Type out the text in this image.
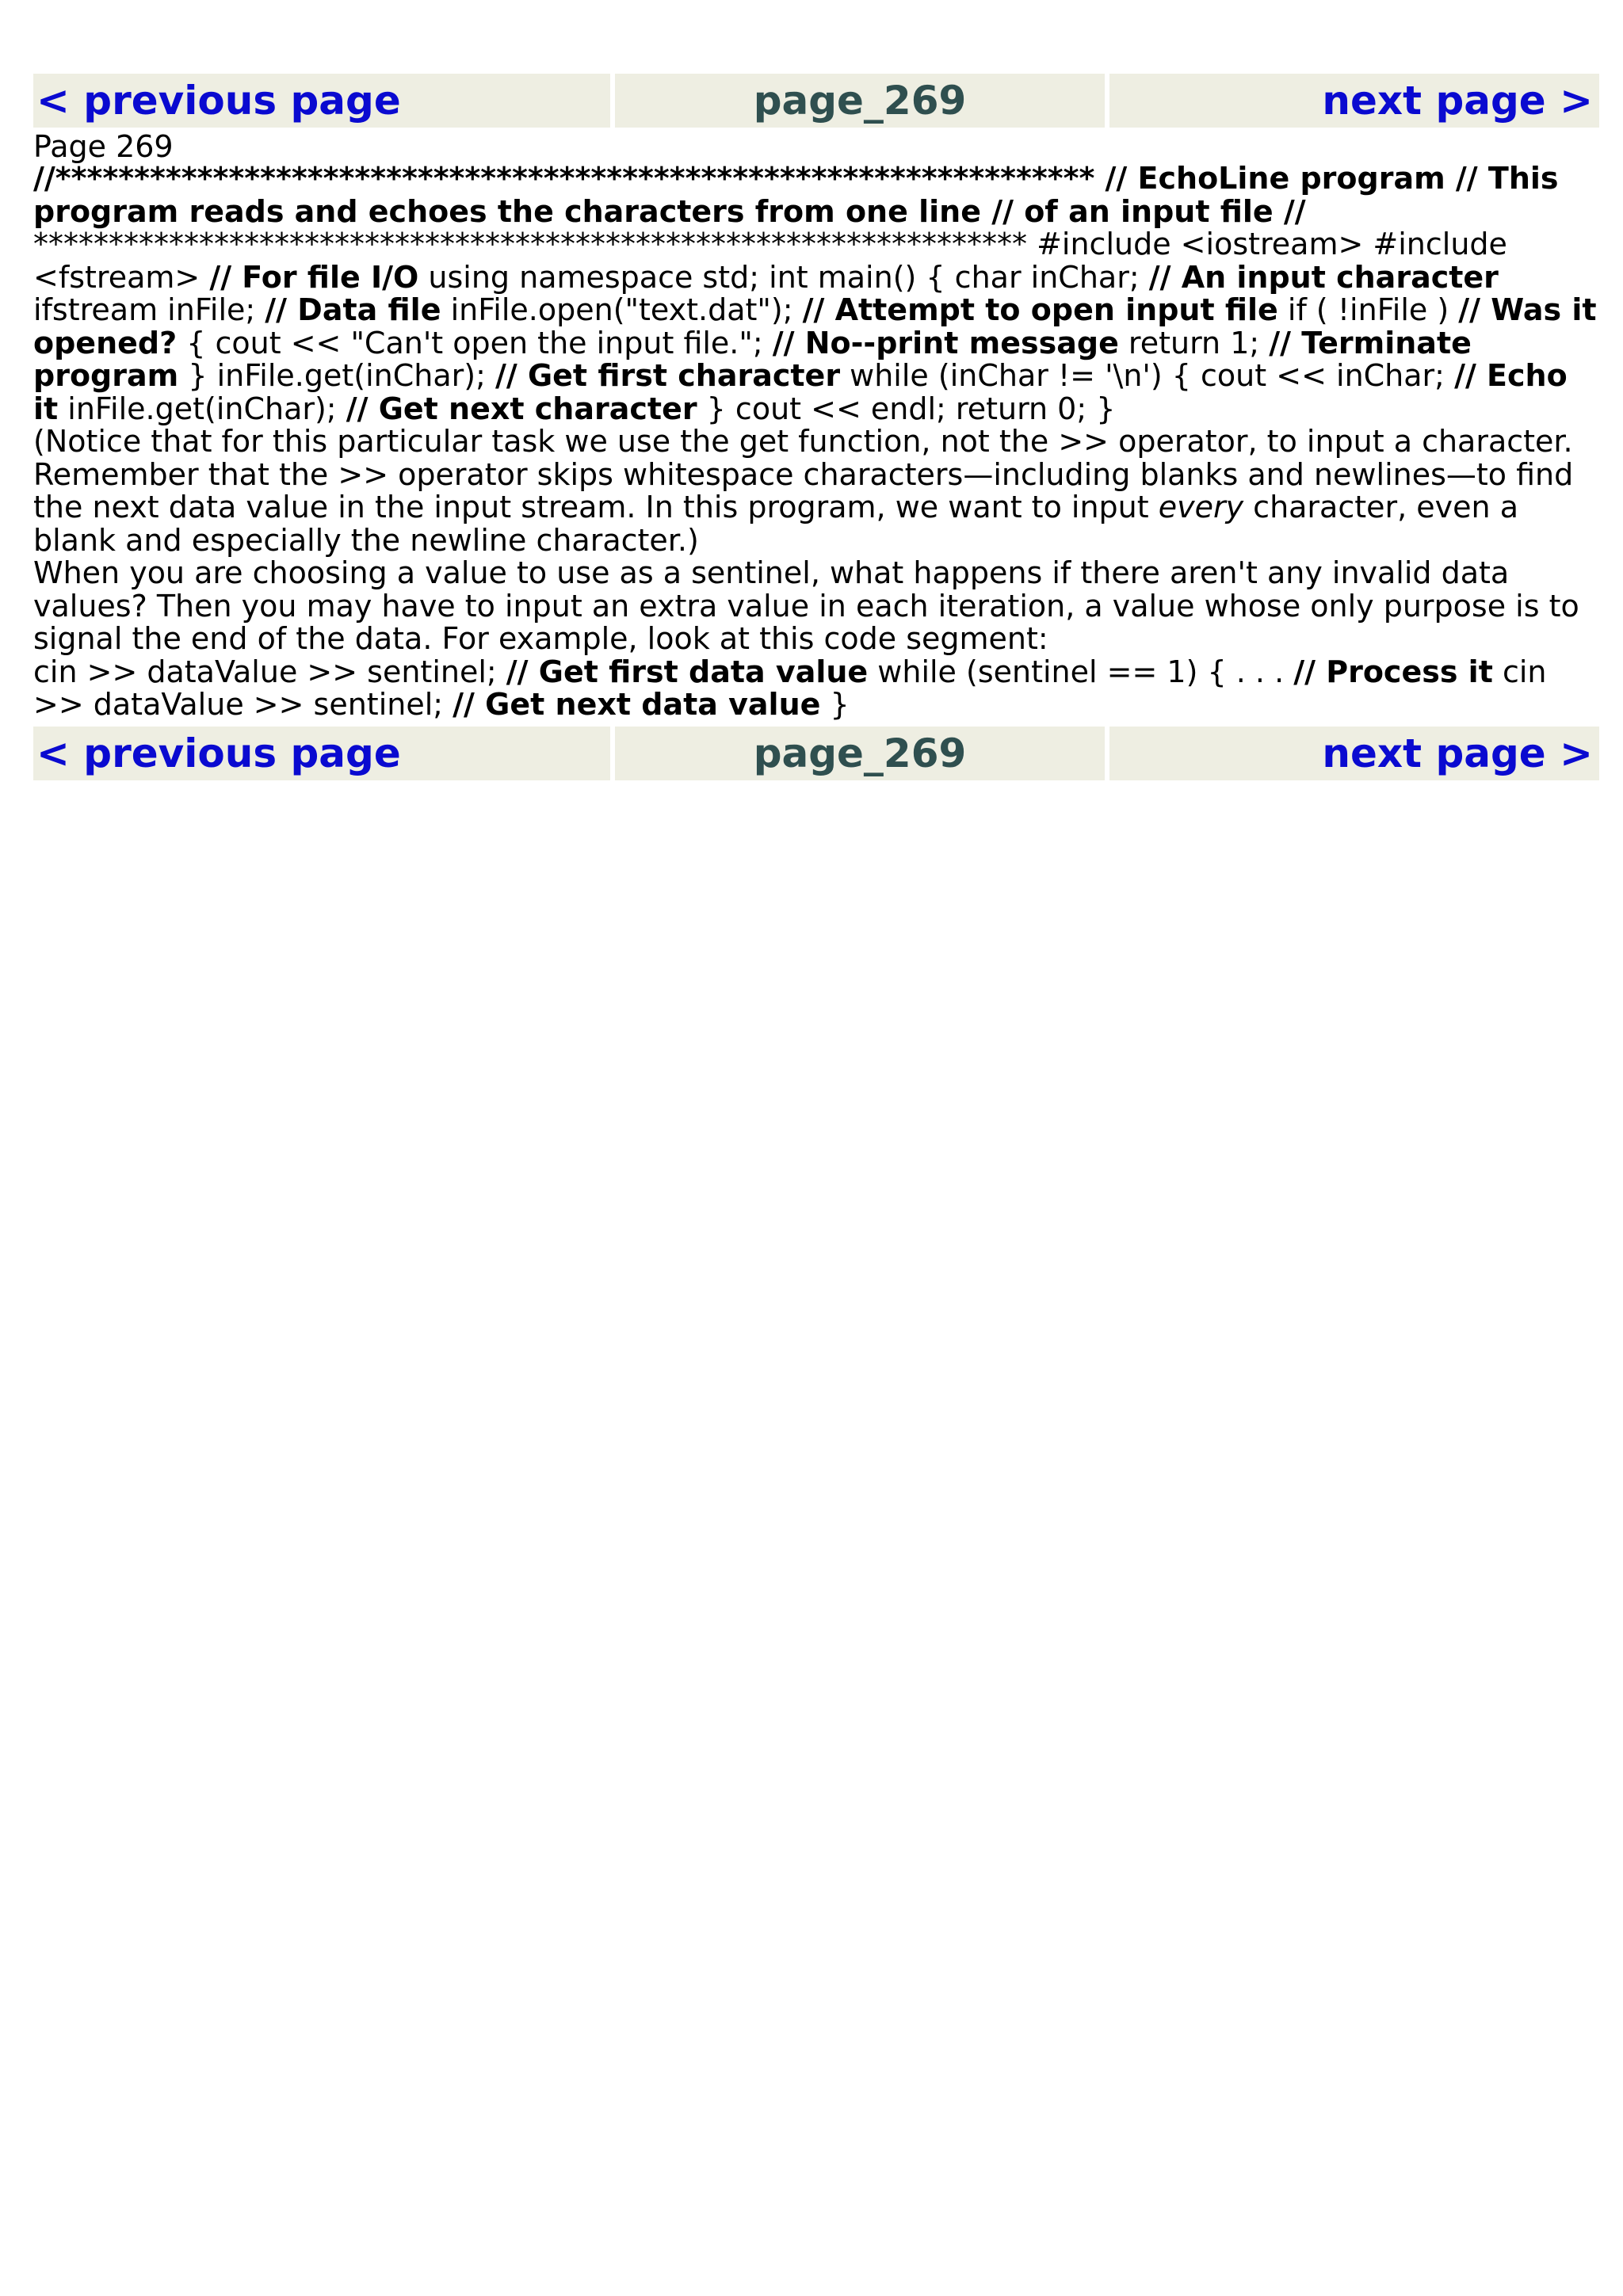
< previous page	page_269	next page >

Page 269

//****************************************************************** // EchoLine program // This program reads and echoes the characters from one line // of an input file //
****************************************************************** #include <iostream> #include <fstream> // For file I/O using namespace std; int main() { char inChar; // An input character ifstream inFile; // Data file inFile.open("text.dat"); // Attempt to open input file if ( !inFile ) // Was it opened? { cout << "Can't open the input file."; // No--print message return 1; // Terminate program } inFile.get(inChar); // Get first character while (inChar != '\n') { cout << inChar; // Echo it inFile.get(inChar); // Get next character } cout << endl; return 0; }

(Notice that for this particular task we use the get function, not the >> operator, to input a character. Remember that the >> operator skips whitespace characters—including blanks and newlines—to find the next data value in the input stream. In this program, we want to input every character, even a blank and especially the newline character.)

When you are choosing a value to use as a sentinel, what happens if there aren't any invalid data values? Then you may have to input an extra value in each iteration, a value whose only purpose is to signal the end of the data. For example, look at this code segment:

cin >> dataValue >> sentinel; // Get first data value while (sentinel == 1) { . . . // Process it cin >> dataValue >> sentinel; // Get next data value }

< previous page	page_269	next page >
